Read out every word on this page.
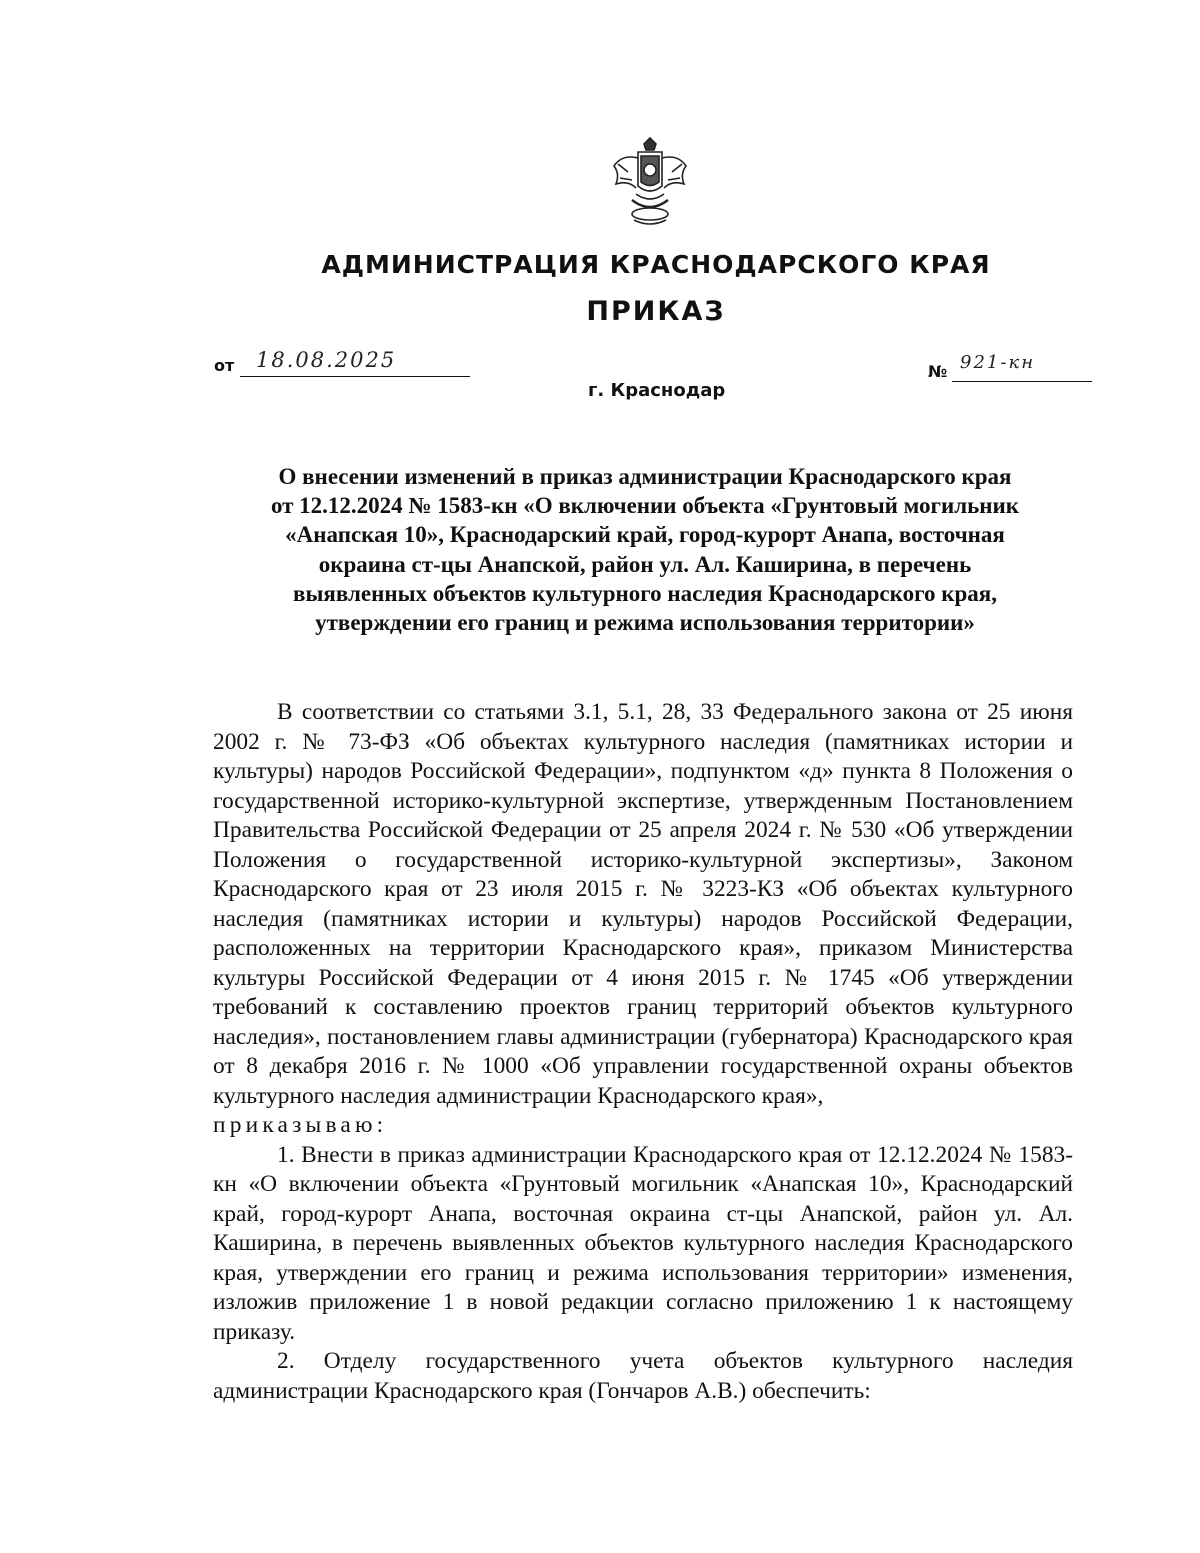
АДМИНИСТРАЦИЯ КРАСНОДАРСКОГО КРАЯ
ПРИКАЗ
от 18.08.2025	№ 921-кн
г. Краснодар
О внесении изменений в приказ администрации Краснодарского края
от 12.12.2024 № 1583-кн «О включении объекта «Грунтовый могильник
«Анапская 10», Краснодарский край, город-курорт Анапа, восточная
окраина ст-цы Анапской, район ул. Ал. Каширина, в перечень
выявленных объектов культурного наследия Краснодарского края,
утверждении его границ и режима использования территории»

В соответствии со статьями 3.1, 5.1, 28, 33 Федерального закона от 25 июня 2002 г. № 73-ФЗ «Об объектах культурного наследия (памятниках истории и культуры) народов Российской Федерации», подпунктом «д» пункта 8 Положения о государственной историко-культурной экспертизе, утвержденным Постановлением Правительства Российской Федерации от 25 апреля 2024 г. № 530 «Об утверждении Положения о государственной историко-культурной экспертизы», Законом Краснодарского края от 23 июля 2015 г. № 3223-КЗ «Об объектах культурного наследия (памятниках истории и культуры) народов Российской Федерации, расположенных на территории Краснодарского края», приказом Министерства культуры Российской Федерации от 4 июня 2015 г. № 1745 «Об утверждении требований к составлению проектов границ территорий объектов культурного наследия», постановлением главы администрации (губернатора) Краснодарского края от 8 декабря 2016 г. № 1000 «Об управлении государственной охраны объектов культурного наследия администрации Краснодарского края»,

приказываю:

1. Внести в приказ администрации Краснодарского края от 12.12.2024 № 1583-кн «О включении объекта «Грунтовый могильник «Анапская 10», Краснодарский край, город-курорт Анапа, восточная окраина ст-цы Анапской, район ул. Ал. Каширина, в перечень выявленных объектов культурного наследия Краснодарского края, утверждении его границ и режима использования территории» изменения, изложив приложение 1 в новой редакции согласно приложению 1 к настоящему приказу.

2. Отделу государственного учета объектов культурного наследия администрации Краснодарского края (Гончаров А.В.) обеспечить:
